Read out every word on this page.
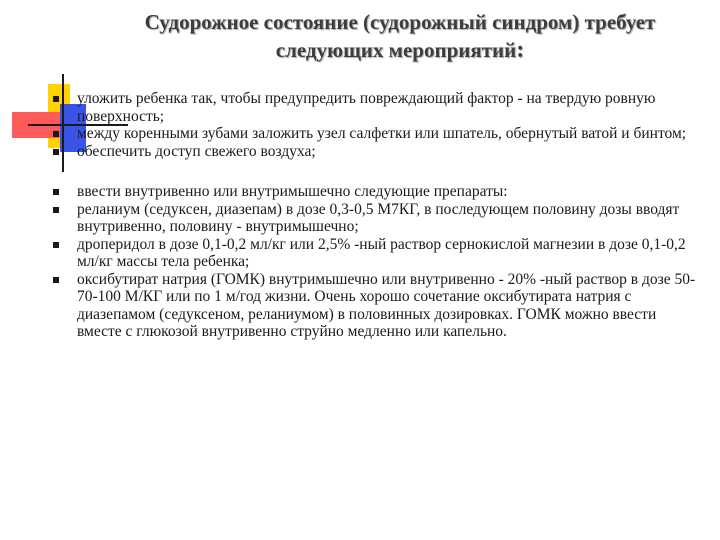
Судорожное состояние (судорожный синдром) требует
следующих мероприятий:
уложить ребенка так, чтобы предупредить повреждающий фактор - на твердую ровную поверхность;
между коренными зубами заложить узел салфетки или шпатель, обернутый ватой и бинтом;
обеспечить доступ свежего воздуха;
ввести внутривенно или внутримышечно следующие препараты:
реланиум (седуксен, диазепам) в дозе 0,3-0,5 М7КГ, в последующем половину дозы вводят внутривенно, половину - внутримышечно;
дроперидол в дозе 0,1-0,2 мл/кг или 2,5% -ный раствор сернокислой магнезии в дозе 0,1-0,2 мл/кг массы тела ребенка;
оксибутират натрия (ГОМК) внутримышечно или внутривенно - 20% -ный раствор в дозе 50-70-100 М/КГ или по 1 м/год жизни. Очень хорошо сочетание оксибутирата натрия с диазепамом (седуксеном, реланиумом) в половинных дозировках. ГОМК можно ввести вместе с глюкозой внутривенно струйно медленно или капельно.
